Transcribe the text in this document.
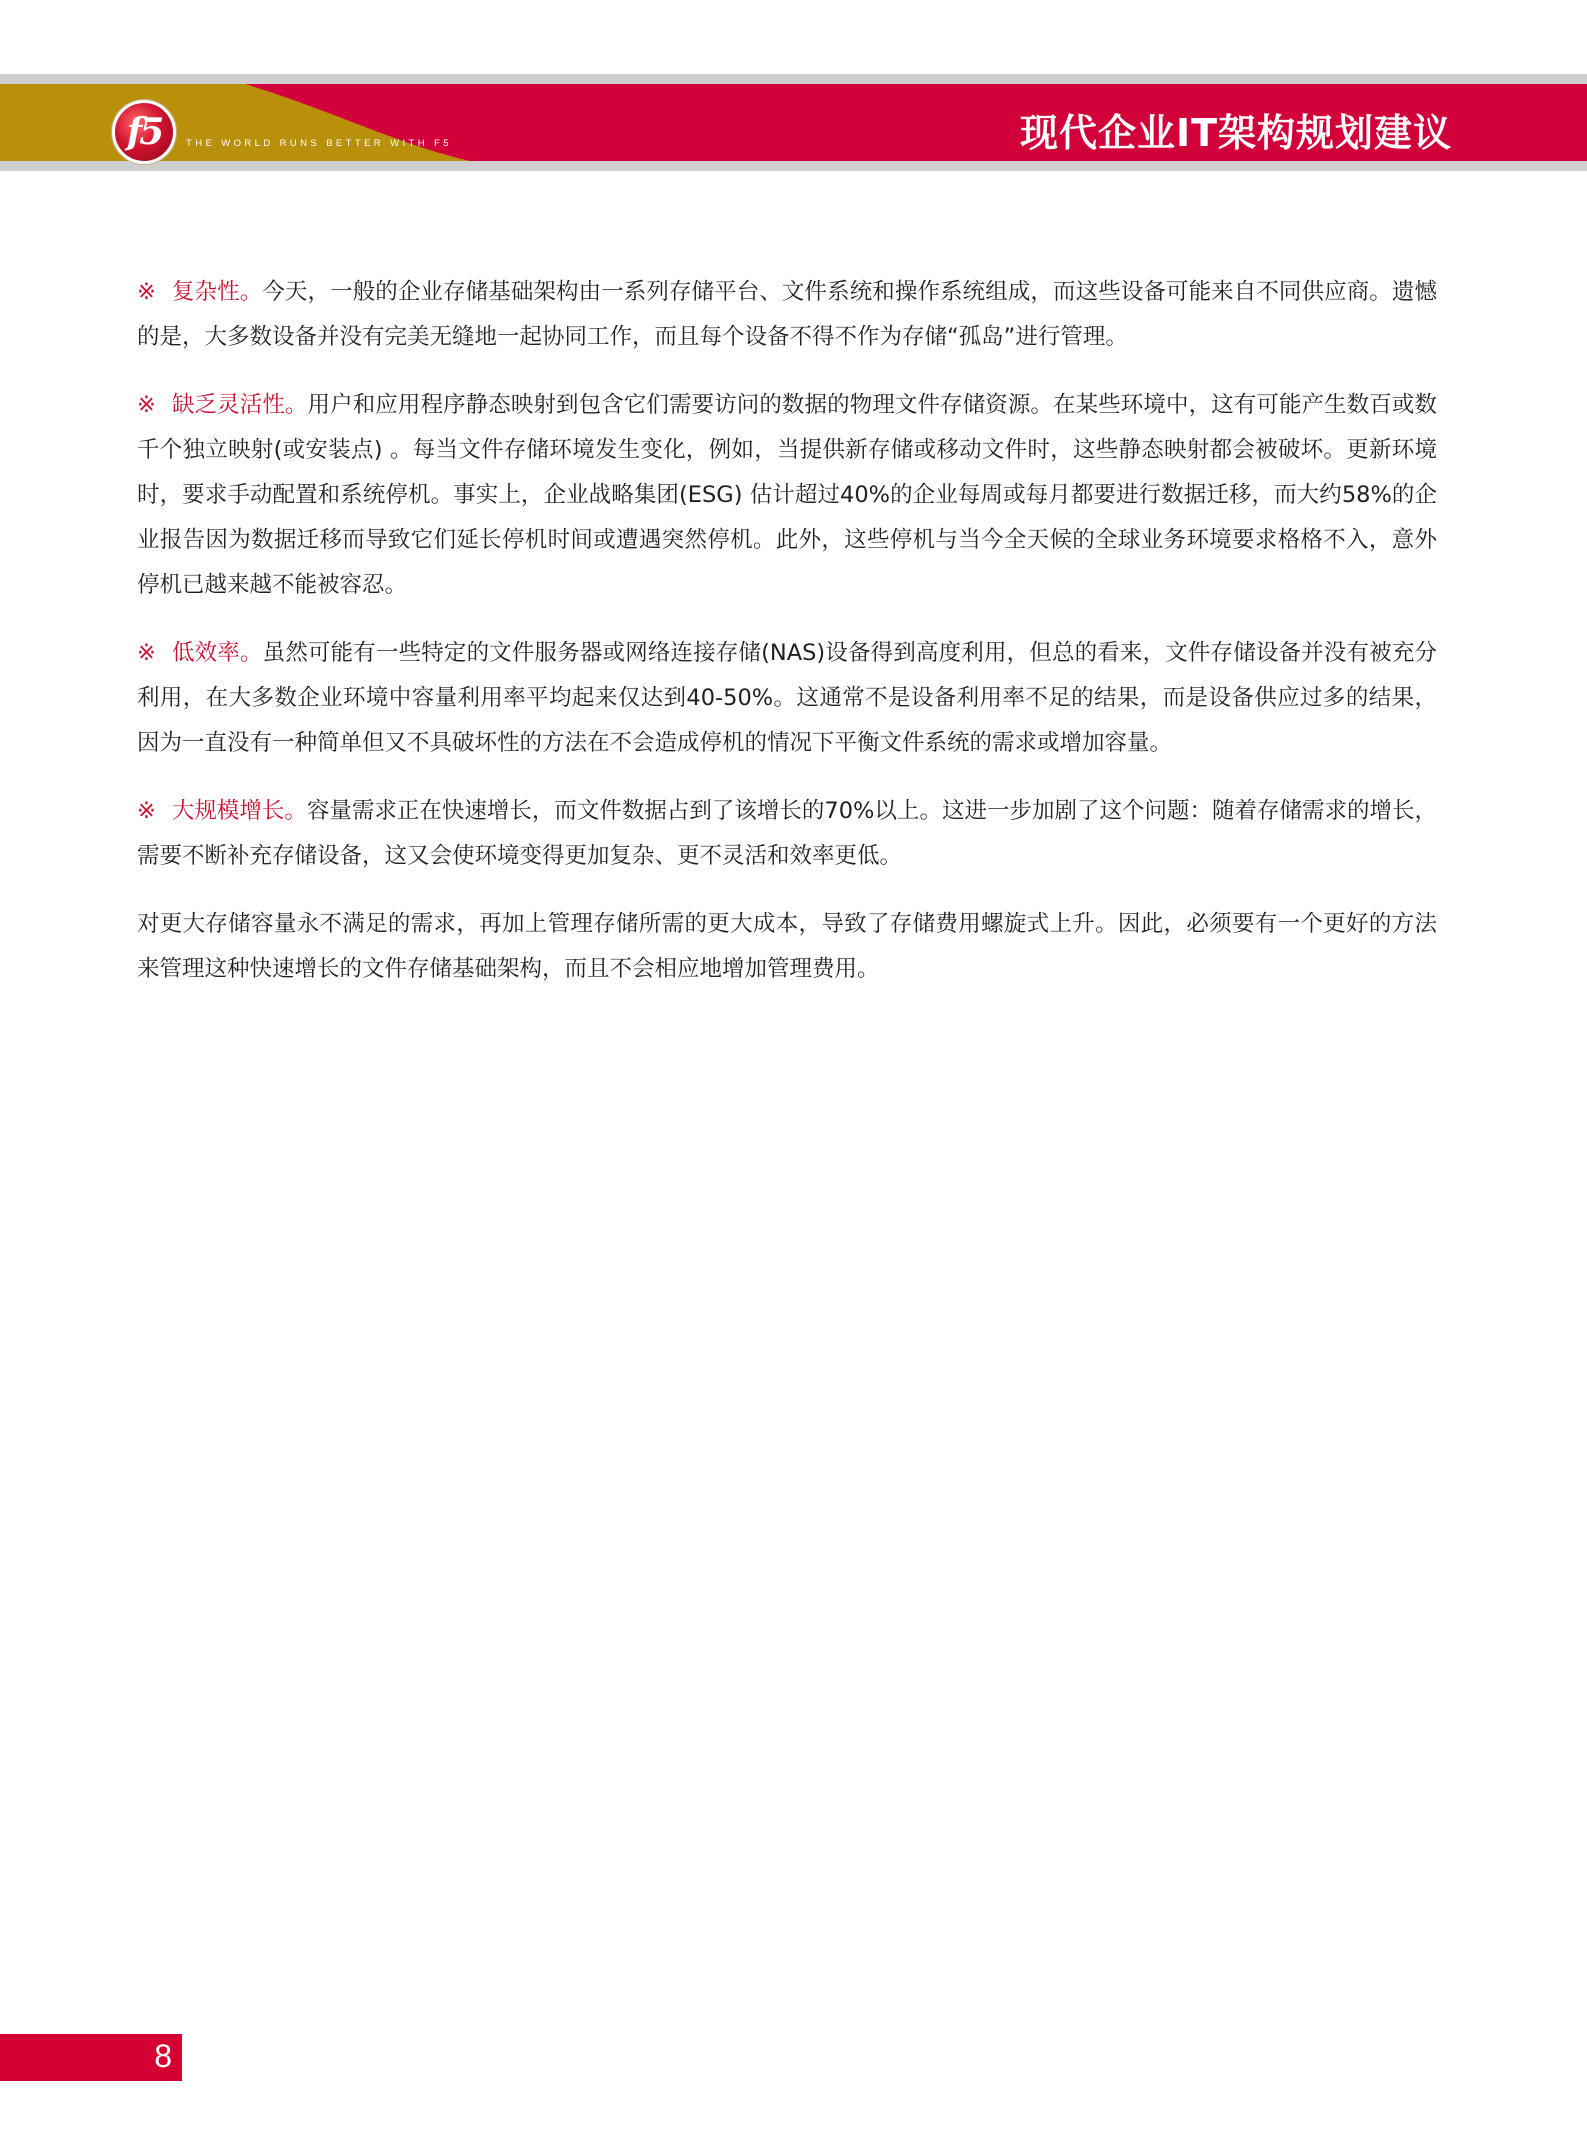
f5	THE WORLD RUNS BETTER WITH F5	现代企业IT架构规划建议

※ 复杂性。今天，一般的企业存储基础架构由一系列存储平台、文件系统和操作系统组成，而这些设备可能来自不同供应商。遗憾的是，大多数设备并没有完美无缝地一起协同工作，而且每个设备不得不作为存储“孤岛”进行管理。

※ 缺乏灵活性。用户和应用程序静态映射到包含它们需要访问的数据的物理文件存储资源。在某些环境中，这有可能产生数百或数千个独立映射(或安装点) 。每当文件存储环境发生变化，例如，当提供新存储或移动文件时，这些静态映射都会被破坏。更新环境时，要求手动配置和系统停机。事实上，企业战略集团(ESG) 估计超过40%的企业每周或每月都要进行数据迁移，而大约58%的企业报告因为数据迁移而导致它们延长停机时间或遭遇突然停机。此外，这些停机与当今全天候的全球业务环境要求格格不入，意外停机已越来越不能被容忍。

※ 低效率。虽然可能有一些特定的文件服务器或网络连接存储(NAS)设备得到高度利用，但总的看来，文件存储设备并没有被充分利用，在大多数企业环境中容量利用率平均起来仅达到40-50%。这通常不是设备利用率不足的结果，而是设备供应过多的结果，因为一直没有一种简单但又不具破坏性的方法在不会造成停机的情况下平衡文件系统的需求或增加容量。

※ 大规模增长。容量需求正在快速增长，而文件数据占到了该增长的70%以上。这进一步加剧了这个问题：随着存储需求的增长，需要不断补充存储设备，这又会使环境变得更加复杂、更不灵活和效率更低。

对更大存储容量永不满足的需求，再加上管理存储所需的更大成本，导致了存储费用螺旋式上升。因此，必须要有一个更好的方法来管理这种快速增长的文件存储基础架构，而且不会相应地增加管理费用。

8
